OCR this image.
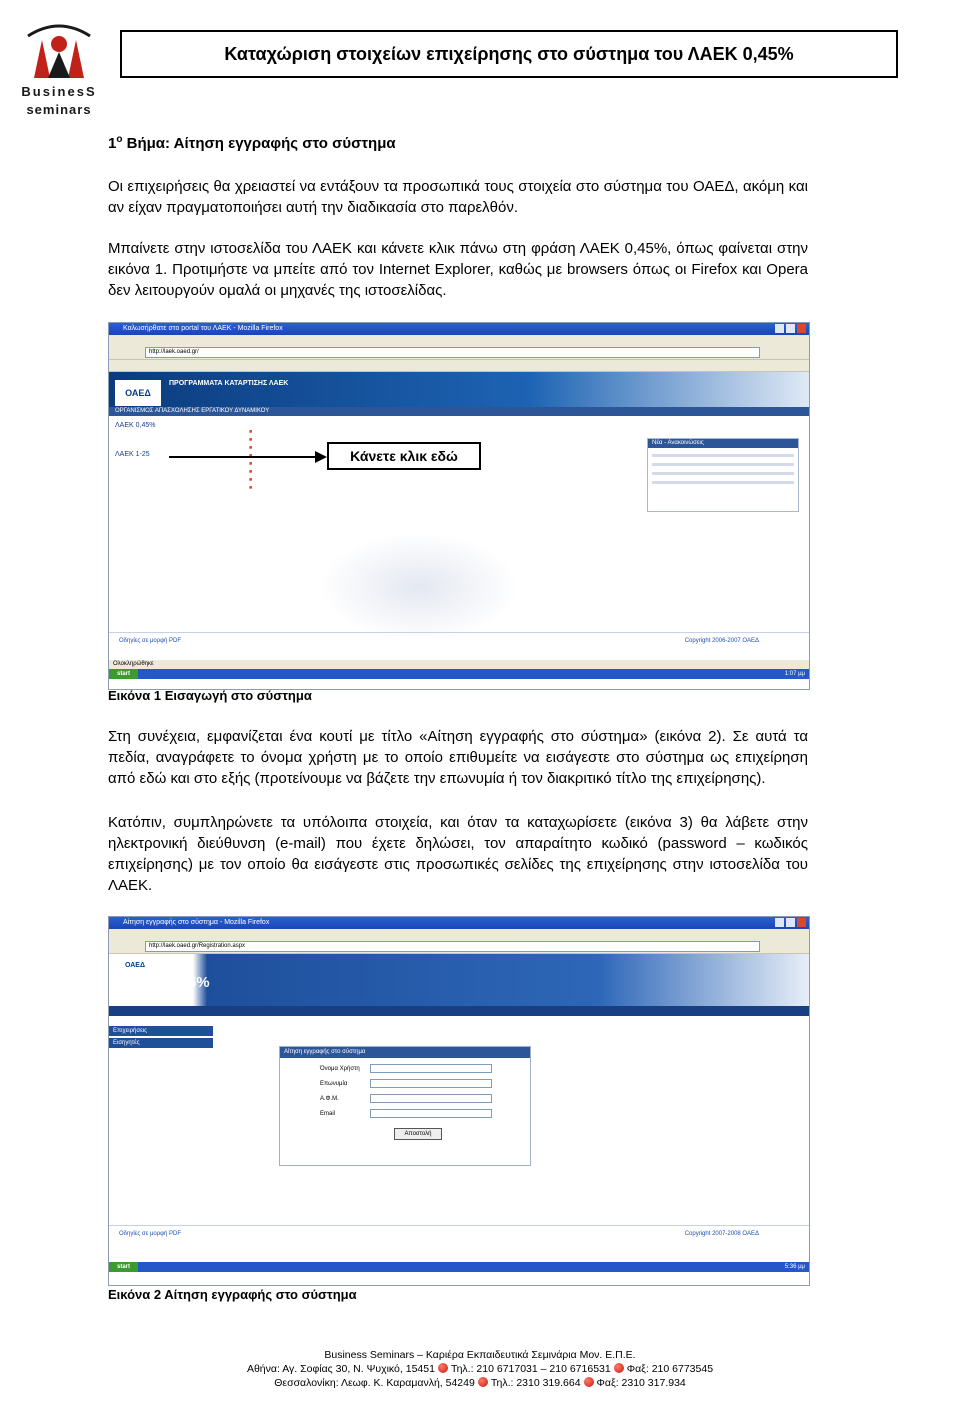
BusinesS
seminars
Καταχώριση στοιχείων επιχείρησης στο σύστημα του ΛΑΕΚ 0,45%
$1^o$ Βήμα: Αίτηση εγγραφής στο σύστημα
Οι επιχειρήσεις θα χρειαστεί να εντάξουν τα προσωπικά τους στοιχεία στο σύστημα του ΟΑΕΔ, ακόμη και αν είχαν πραγματοποιήσει αυτή την διαδικασία στο παρελθόν.
Μπαίνετε στην ιστοσελίδα του ΛΑΕΚ και κάνετε κλικ πάνω στη φράση ΛΑΕΚ 0,45%, όπως φαίνεται στην εικόνα 1. Προτιμήστε να μπείτε από τον Internet Explorer, καθώς με browsers όπως οι Firefox και Opera δεν λειτουργούν ομαλά οι μηχανές της ιστοσελίδας.
Καλωσήρθατε στο portal του ΛΑΕΚ - Mozilla Firefox
http://laek.oaed.gr/
ΟΑΕΔ
ΠΡΟΓΡΑΜΜΑΤΑ ΚΑΤΑΡΤΙΣΗΣ ΛΑΕΚ
ΟΡΓΑΝΙΣΜΟΣ ΑΠΑΣΧΟΛΗΣΗΣ ΕΡΓΑΤΙΚΟΥ ΔΥΝΑΜΙΚΟΥ
ΛΑΕΚ 0,45%
ΛΑΕΚ 1-25
■
■
■
■
■
■
■
■
Νέα - Ανακοινώσεις
Κάνετε κλικ εδώ
Οδηγίες σε μορφή PDF	Copyright 2006-2007 ΟΑΕΔ
Ολοκληρώθηκε
start	1:07 μμ
Εικόνα 1 Εισαγωγή στο σύστημα
Στη συνέχεια, εμφανίζεται ένα κουτί με τίτλο «Αίτηση εγγραφής στο σύστημα» (εικόνα 2). Σε αυτά τα πεδία, αναγράφετε το όνομα χρήστη με το οποίο επιθυμείτε να εισάγεστε στο σύστημα ως επιχείρηση από εδώ και στο εξής (προτείνουμε να βάζετε την επωνυμία ή τον διακριτικό τίτλο της επιχείρησης).
Κατόπιν, συμπληρώνετε τα υπόλοιπα στοιχεία, και όταν τα καταχωρίσετε (εικόνα 3) θα λάβετε στην ηλεκτρονική διεύθυνση (e-mail) που έχετε δηλώσει, τον απαραίτητο κωδικό (password – κωδικός επιχείρησης) με τον οποίο θα εισάγεστε στις προσωπικές σελίδες της επιχείρησης στην ιστοσελίδα του ΛΑΕΚ.
Αίτηση εγγραφής στο σύστημα - Mozilla Firefox
http://laek.oaed.gr/Registration.aspx
ΟΑΕΔ
0,45%
Επιχειρήσεις
Εισηγητές
Αίτηση εγγραφής στο σύστημα
Όνομα Χρήστη
Επωνυμία
Α.Φ.Μ.
Email
Αποστολή
Οδηγίες σε μορφή PDF	Copyright 2007-2008 ΟΑΕΔ
start	5:36 μμ
Εικόνα 2 Αίτηση εγγραφής στο σύστημα
Business Seminars – Καριέρα Εκπαιδευτικά Σεμινάρια Μον. Ε.Π.Ε.
Αθήνα: Αγ. Σοφίας 30, Ν. Ψυχικό, 15451 Τηλ.: 210 6717031 – 210 6716531 Φαξ: 210 6773545
Θεσσαλονίκη: Λεωφ. Κ. Καραμανλή, 54249 Τηλ.: 2310 319.664 Φαξ: 2310 317.934
